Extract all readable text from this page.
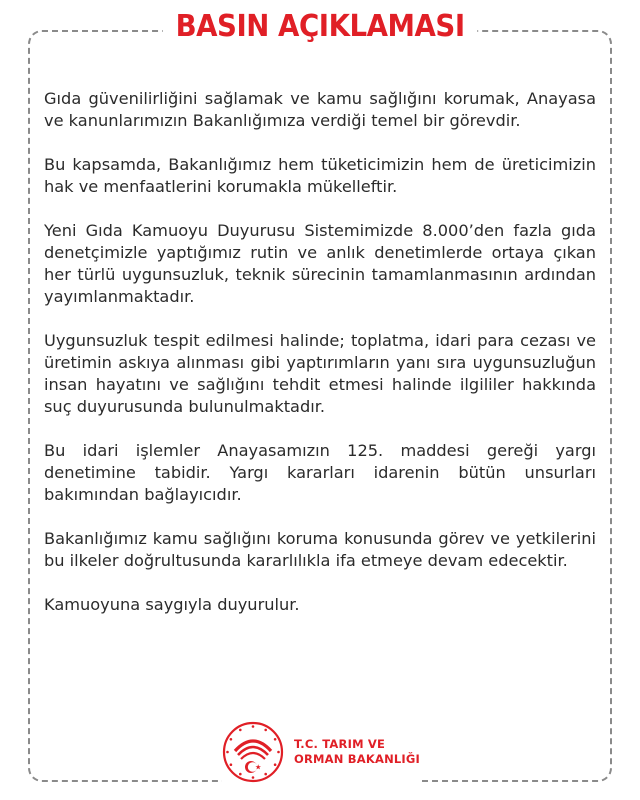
BASIN AÇIKLAMASI

Gıda güvenilirliğini sağlamak ve kamu sağlığını korumak, Anayasa ve kanunlarımızın Bakanlığımıza verdiği temel bir görevdir.

Bu kapsamda, Bakanlığımız hem tüketicimizin hem de üreticimizin hak ve menfaatlerini korumakla mükelleftir.

Yeni Gıda Kamuoyu Duyurusu Sistemimizde 8.000’den fazla gıda denetçimizle yaptığımız rutin ve anlık denetimlerde ortaya çıkan her türlü uygunsuzluk, teknik sürecinin tamamlanmasının ardından yayımlanmaktadır.

Uygunsuzluk tespit edilmesi halinde; toplatma, idari para cezası ve üretimin askıya alınması gibi yaptırımların yanı sıra uygunsuzluğun insan hayatını ve sağlığını tehdit etmesi halinde ilgililer hakkında suç duyurusunda bulunulmaktadır.

Bu idari işlemler Anayasamızın 125. maddesi gereği yargı denetimine tabidir. Yargı kararları idarenin bütün unsurları bakımından bağlayıcıdır.

Bakanlığımız kamu sağlığını koruma konusunda görev ve yetkilerini bu ilkeler doğrultusunda kararlılıkla ifa etmeye devam edecektir.

Kamuoyuna saygıyla duyurulur.

T.C. TARIM VE
ORMAN BAKANLIĞI
